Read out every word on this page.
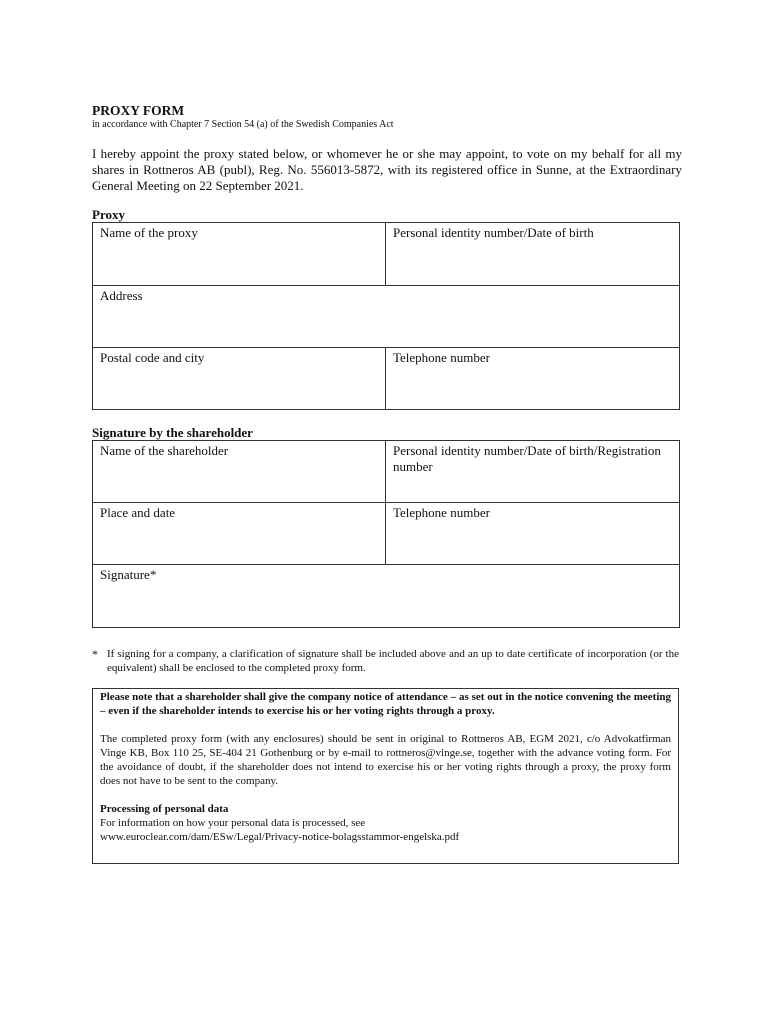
PROXY FORM
in accordance with Chapter 7 Section 54 (a) of the Swedish Companies Act
I hereby appoint the proxy stated below, or whomever he or she may appoint, to vote on my behalf for all my shares in Rottneros AB (publ), Reg. No. 556013-5872, with its registered office in Sunne, at the Extraordinary General Meeting on 22 September 2021.
Proxy
Name of the proxy	Personal identity number/Date of birth
Address	
Postal code and city	Telephone number
Signature by the shareholder
Name of the shareholder	Personal identity number/Date of birth/Registration number
Place and date	Telephone number
Signature*	
* If signing for a company, a clarification of signature shall be included above and an up to date certificate of incorporation (or the equivalent) shall be enclosed to the completed proxy form.
Please note that a shareholder shall give the company notice of attendance – as set out in the notice convening the meeting – even if the shareholder intends to exercise his or her voting rights through a proxy.
The completed proxy form (with any enclosures) should be sent in original to Rottneros AB, EGM 2021, c/o Advokatfirman Vinge KB, Box 110 25, SE-404 21 Gothenburg or by e-mail to rottneros@vinge.se, together with the advance voting form. For the avoidance of doubt, if the shareholder does not intend to exercise his or her voting rights through a proxy, the proxy form does not have to be sent to the company.
Processing of personal data
For information on how your personal data is processed, see
www.euroclear.com/dam/ESw/Legal/Privacy-notice-bolagsstammor-engelska.pdf
